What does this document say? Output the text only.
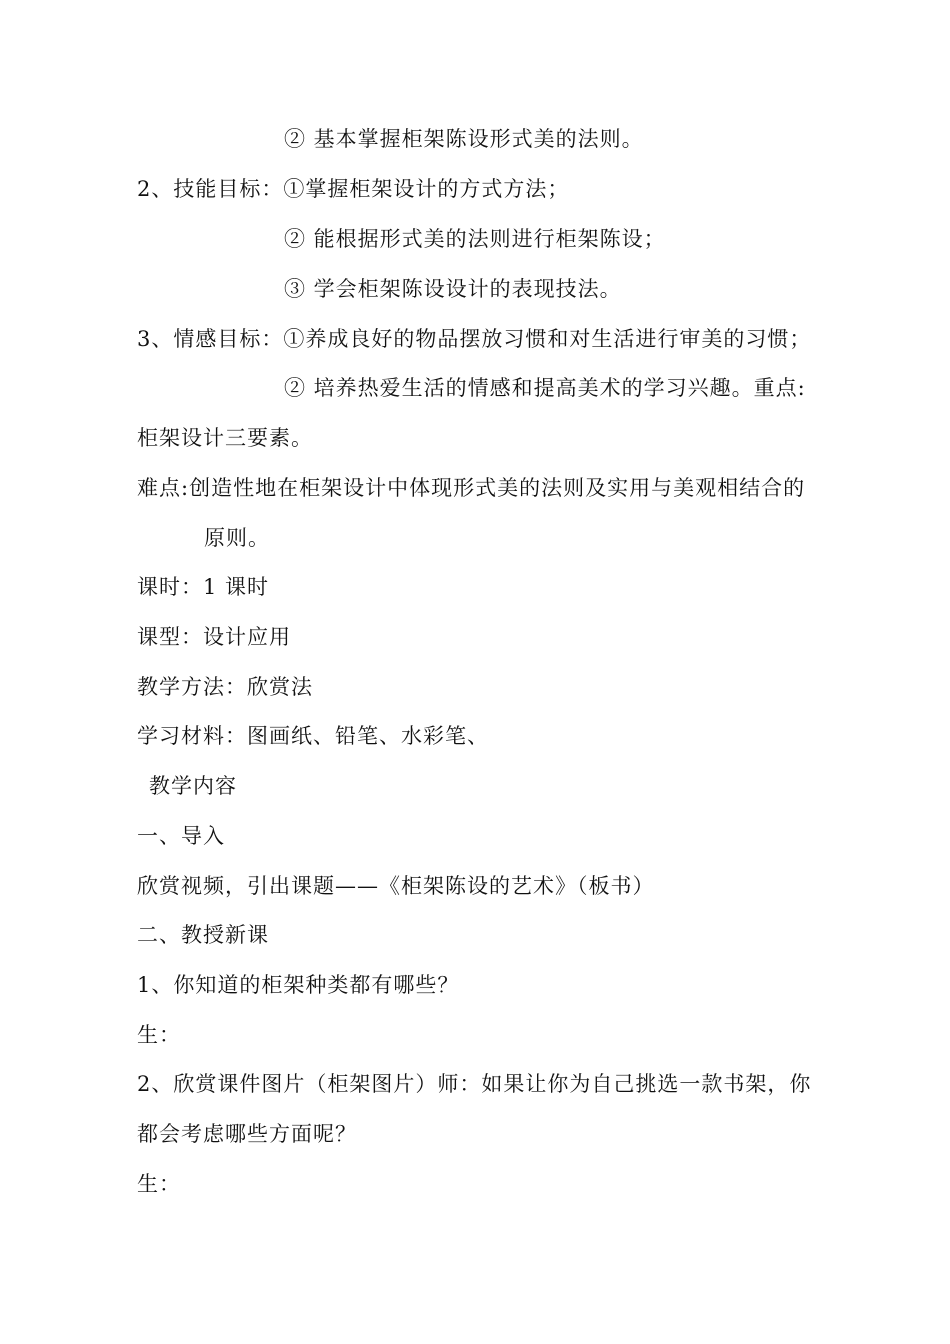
② 基本掌握柜架陈设形式美的法则。
2、技能目标：①掌握柜架设计的方式方法；
② 能根据形式美的法则进行柜架陈设；
③ 学会柜架陈设设计的表现技法。
3、情感目标：①养成良好的物品摆放习惯和对生活进行审美的习惯；
② 培养热爱生活的情感和提高美术的学习兴趣。重点:
柜架设计三要素。
难点:创造性地在柜架设计中体现形式美的法则及实用与美观相结合的
原则。
课时：1 课时
课型：设计应用
教学方法：欣赏法
学习材料：图画纸、铅笔、水彩笔、
教学内容
一、导入
欣赏视频，引出课题——《柜架陈设的艺术》（板书）
二、教授新课
1、你知道的柜架种类都有哪些？
生：
2、欣赏课件图片（柜架图片）师：如果让你为自己挑选一款书架，你
都会考虑哪些方面呢？
生：
